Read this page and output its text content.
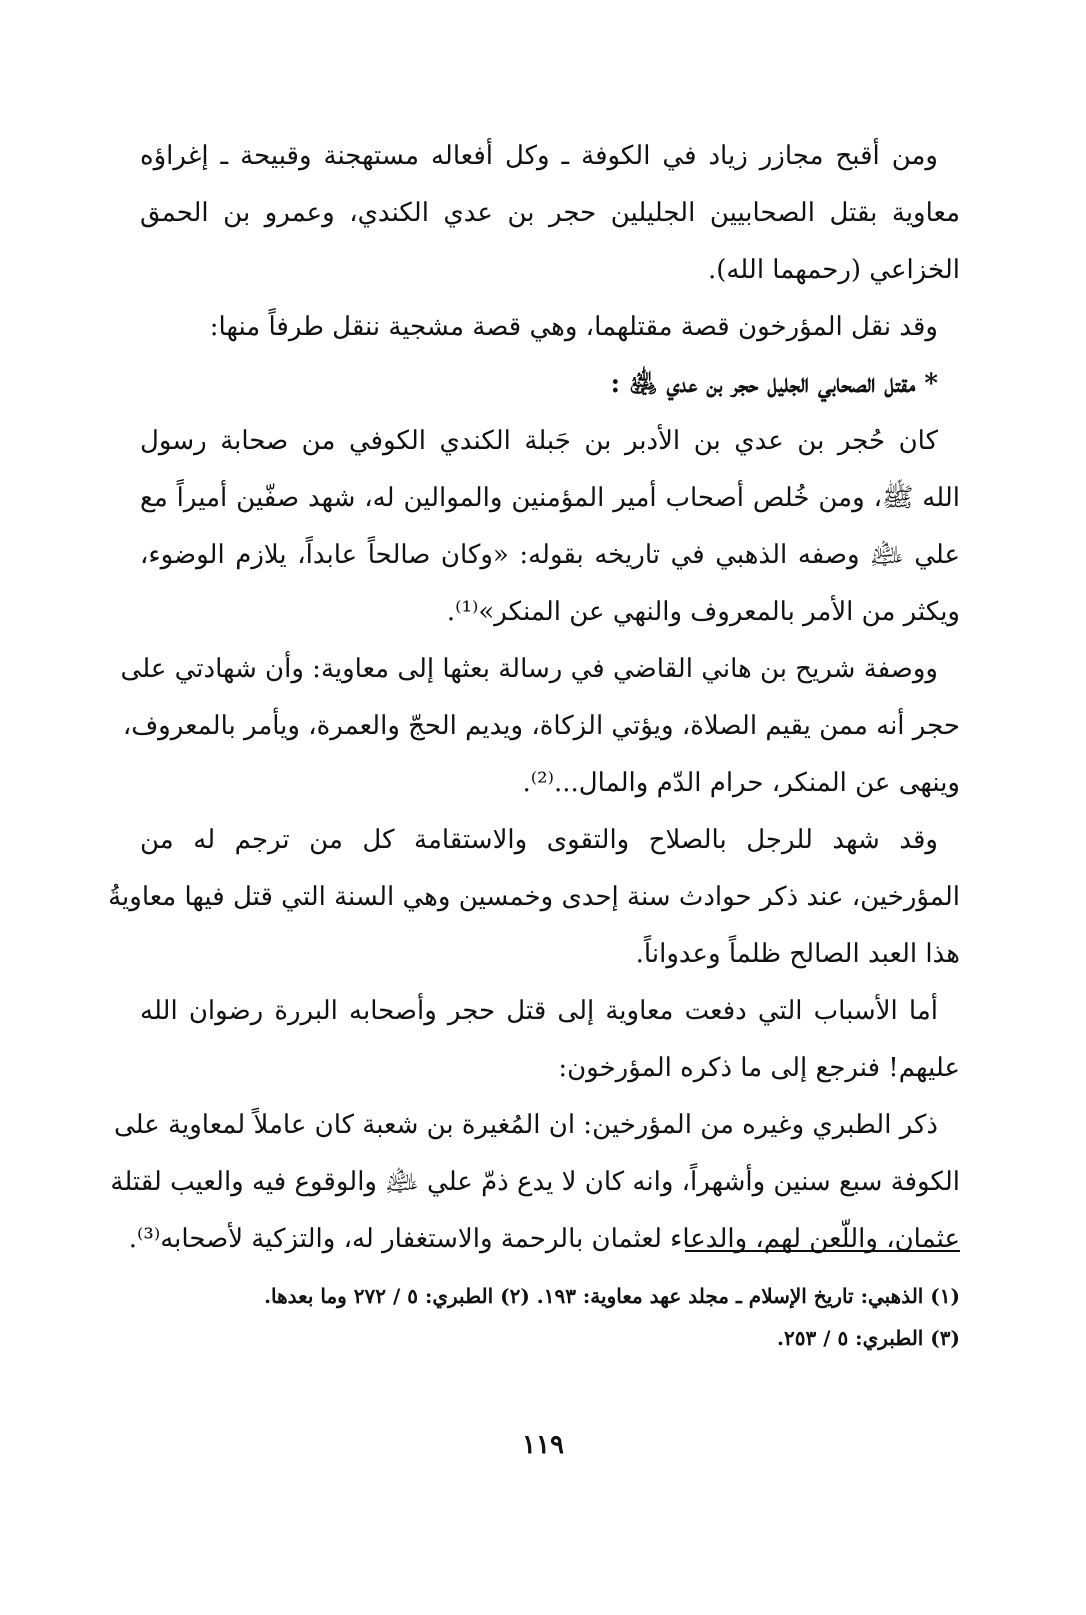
ومن أقبح مجازر زياد في الكوفة ـ وكل أفعاله مستهجنة وقبيحة ـ إغراؤه
معاوية بقتل الصحابيين الجليلين حجر بن عدي الكندي، وعمرو بن الحمق
الخزاعي (رحمهما الله).
وقد نقل المؤرخون قصة مقتلهما، وهي قصة مشجية ننقل طرفاً منها:
* مقتل الصحابي الجليل حجر بن عدي ﵁ :
كان حُجر بن عدي بن الأدبر بن جَبلة الكندي الكوفي من صحابة رسول
الله ﷺ، ومن خُلص أصحاب أمير المؤمنين والموالين له، شهد صفّين أميراً مع
علي ﵇ وصفه الذهبي في تاريخه بقوله: «وكان صالحاً عابداً، يلازم الوضوء،
ويكثر من الأمر بالمعروف والنهي عن المنكر»⁽¹⁾.
ووصفة شريح بن هاني القاضي في رسالة بعثها إلى معاوية: وأن شهادتي على
حجر أنه ممن يقيم الصلاة، ويؤتي الزكاة، ويديم الحجّ والعمرة، ويأمر بالمعروف،
وينهى عن المنكر، حرام الدّم والمال...⁽²⁾.
وقد شهد للرجل بالصلاح والتقوى والاستقامة كل من ترجم له من
المؤرخين، عند ذكر حوادث سنة إحدى وخمسين وهي السنة التي قتل فيها معاويةُ
هذا العبد الصالح ظلماً وعدواناً.
أما الأسباب التي دفعت معاوية إلى قتل حجر وأصحابه البررة رضوان الله
عليهم! فنرجع إلى ما ذكره المؤرخون:
ذكر الطبري وغيره من المؤرخين: ان المُغيرة بن شعبة كان عاملاً لمعاوية على
الكوفة سبع سنين وأشهراً، وانه كان لا يدع ذمّ علي ﵇ والوقوع فيه والعيب لقتلة
عثمان، واللّعن لهم، والدعاء لعثمان بالرحمة والاستغفار له، والتزكية لأصحابه⁽³⁾.
(١) الذهبي: تاريخ الإسلام ـ مجلد عهد معاوية: ١٩٣. (٢) الطبري: ٥ / ٢٧٢ وما بعدها.
(٣) الطبري: ٥ / ٢٥٣.
١١٩
